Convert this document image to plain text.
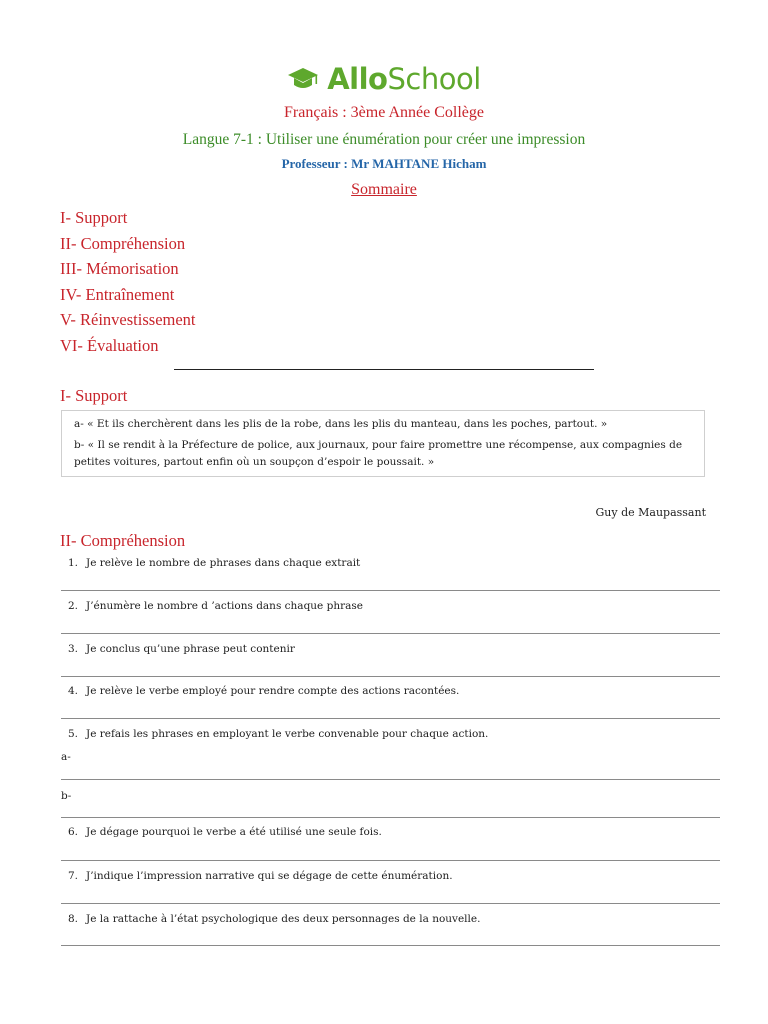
AlloSchool
Français : 3ème Année Collège
Langue 7-1 : Utiliser une énumération pour créer une impression
Professeur : Mr MAHTANE Hicham
Sommaire
I- Support
II- Compréhension
III- Mémorisation
IV- Entraînement
V- Réinvestissement
VI- Évaluation
I- Support

a- « Et ils cherchèrent dans les plis de la robe, dans les plis du manteau, dans les poches, partout. »

b- « Il se rendit à la Préfecture de police, aux journaux, pour faire promettre une récompense, aux compagnies de petites voitures, partout enfin où un soupçon d’espoir le poussait. »

Guy de Maupassant
II- Compréhension
1. Je relève le nombre de phrases dans chaque extrait
2. J’énumère le nombre d ’actions dans chaque phrase
3. Je conclus qu’une phrase peut contenir
4. Je relève le verbe employé pour rendre compte des actions racontées.
5. Je refais les phrases en employant le verbe convenable pour chaque action.
a-
b-
6. Je dégage pourquoi le verbe a été utilisé une seule fois.
7. J’indique l’impression narrative qui se dégage de cette énumération.
8. Je la rattache à l’état psychologique des deux personnages de la nouvelle.
